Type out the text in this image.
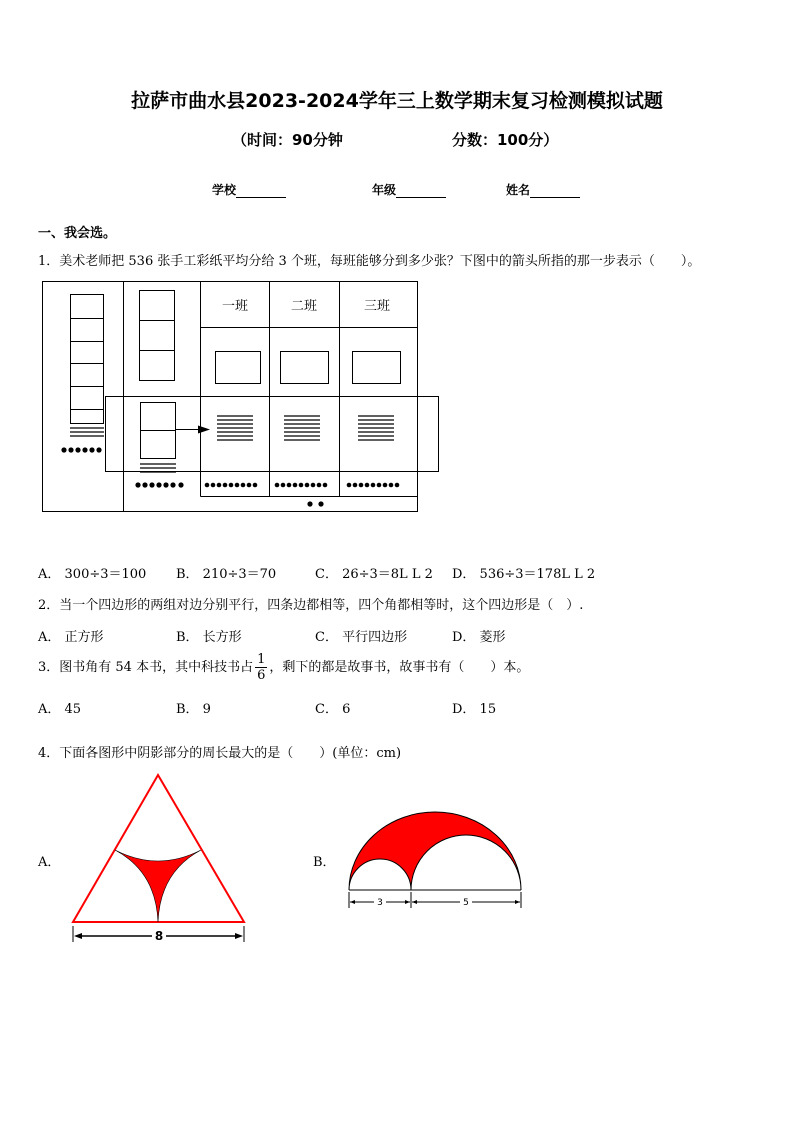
拉萨市曲水县2023-2024学年三上数学期末复习检测模拟试题
（时间：90分钟	分数：100分）
学校	年级	姓名
一、我会选。
1．美术老师把 536 张手工彩纸平均分给 3 个班，每班能够分到多少张？下图中的箭头所指的那一步表示（　　）。
一班	二班	三班
A． 300÷3＝100 B． 210÷3＝70	C． 26÷3＝8L L 2 D． 536÷3＝178L L 2
2．当一个四边形的两组对边分别平行，四条边都相等，四个角都相等时，这个四边形是（　）.
A． 正方形	B． 长方形	C． 平行四边形	D． 菱形
3．图书角有 54 本书，其中科技书占 $\frac{1}{6}$ ，剩下的都是故事书，故事书有（　　）本。
A． 45	B． 9	C． 6	D． 15
4．下面各图形中阴影部分的周长最大的是（　　）(单位：cm)
A．
8
B．
3	5
